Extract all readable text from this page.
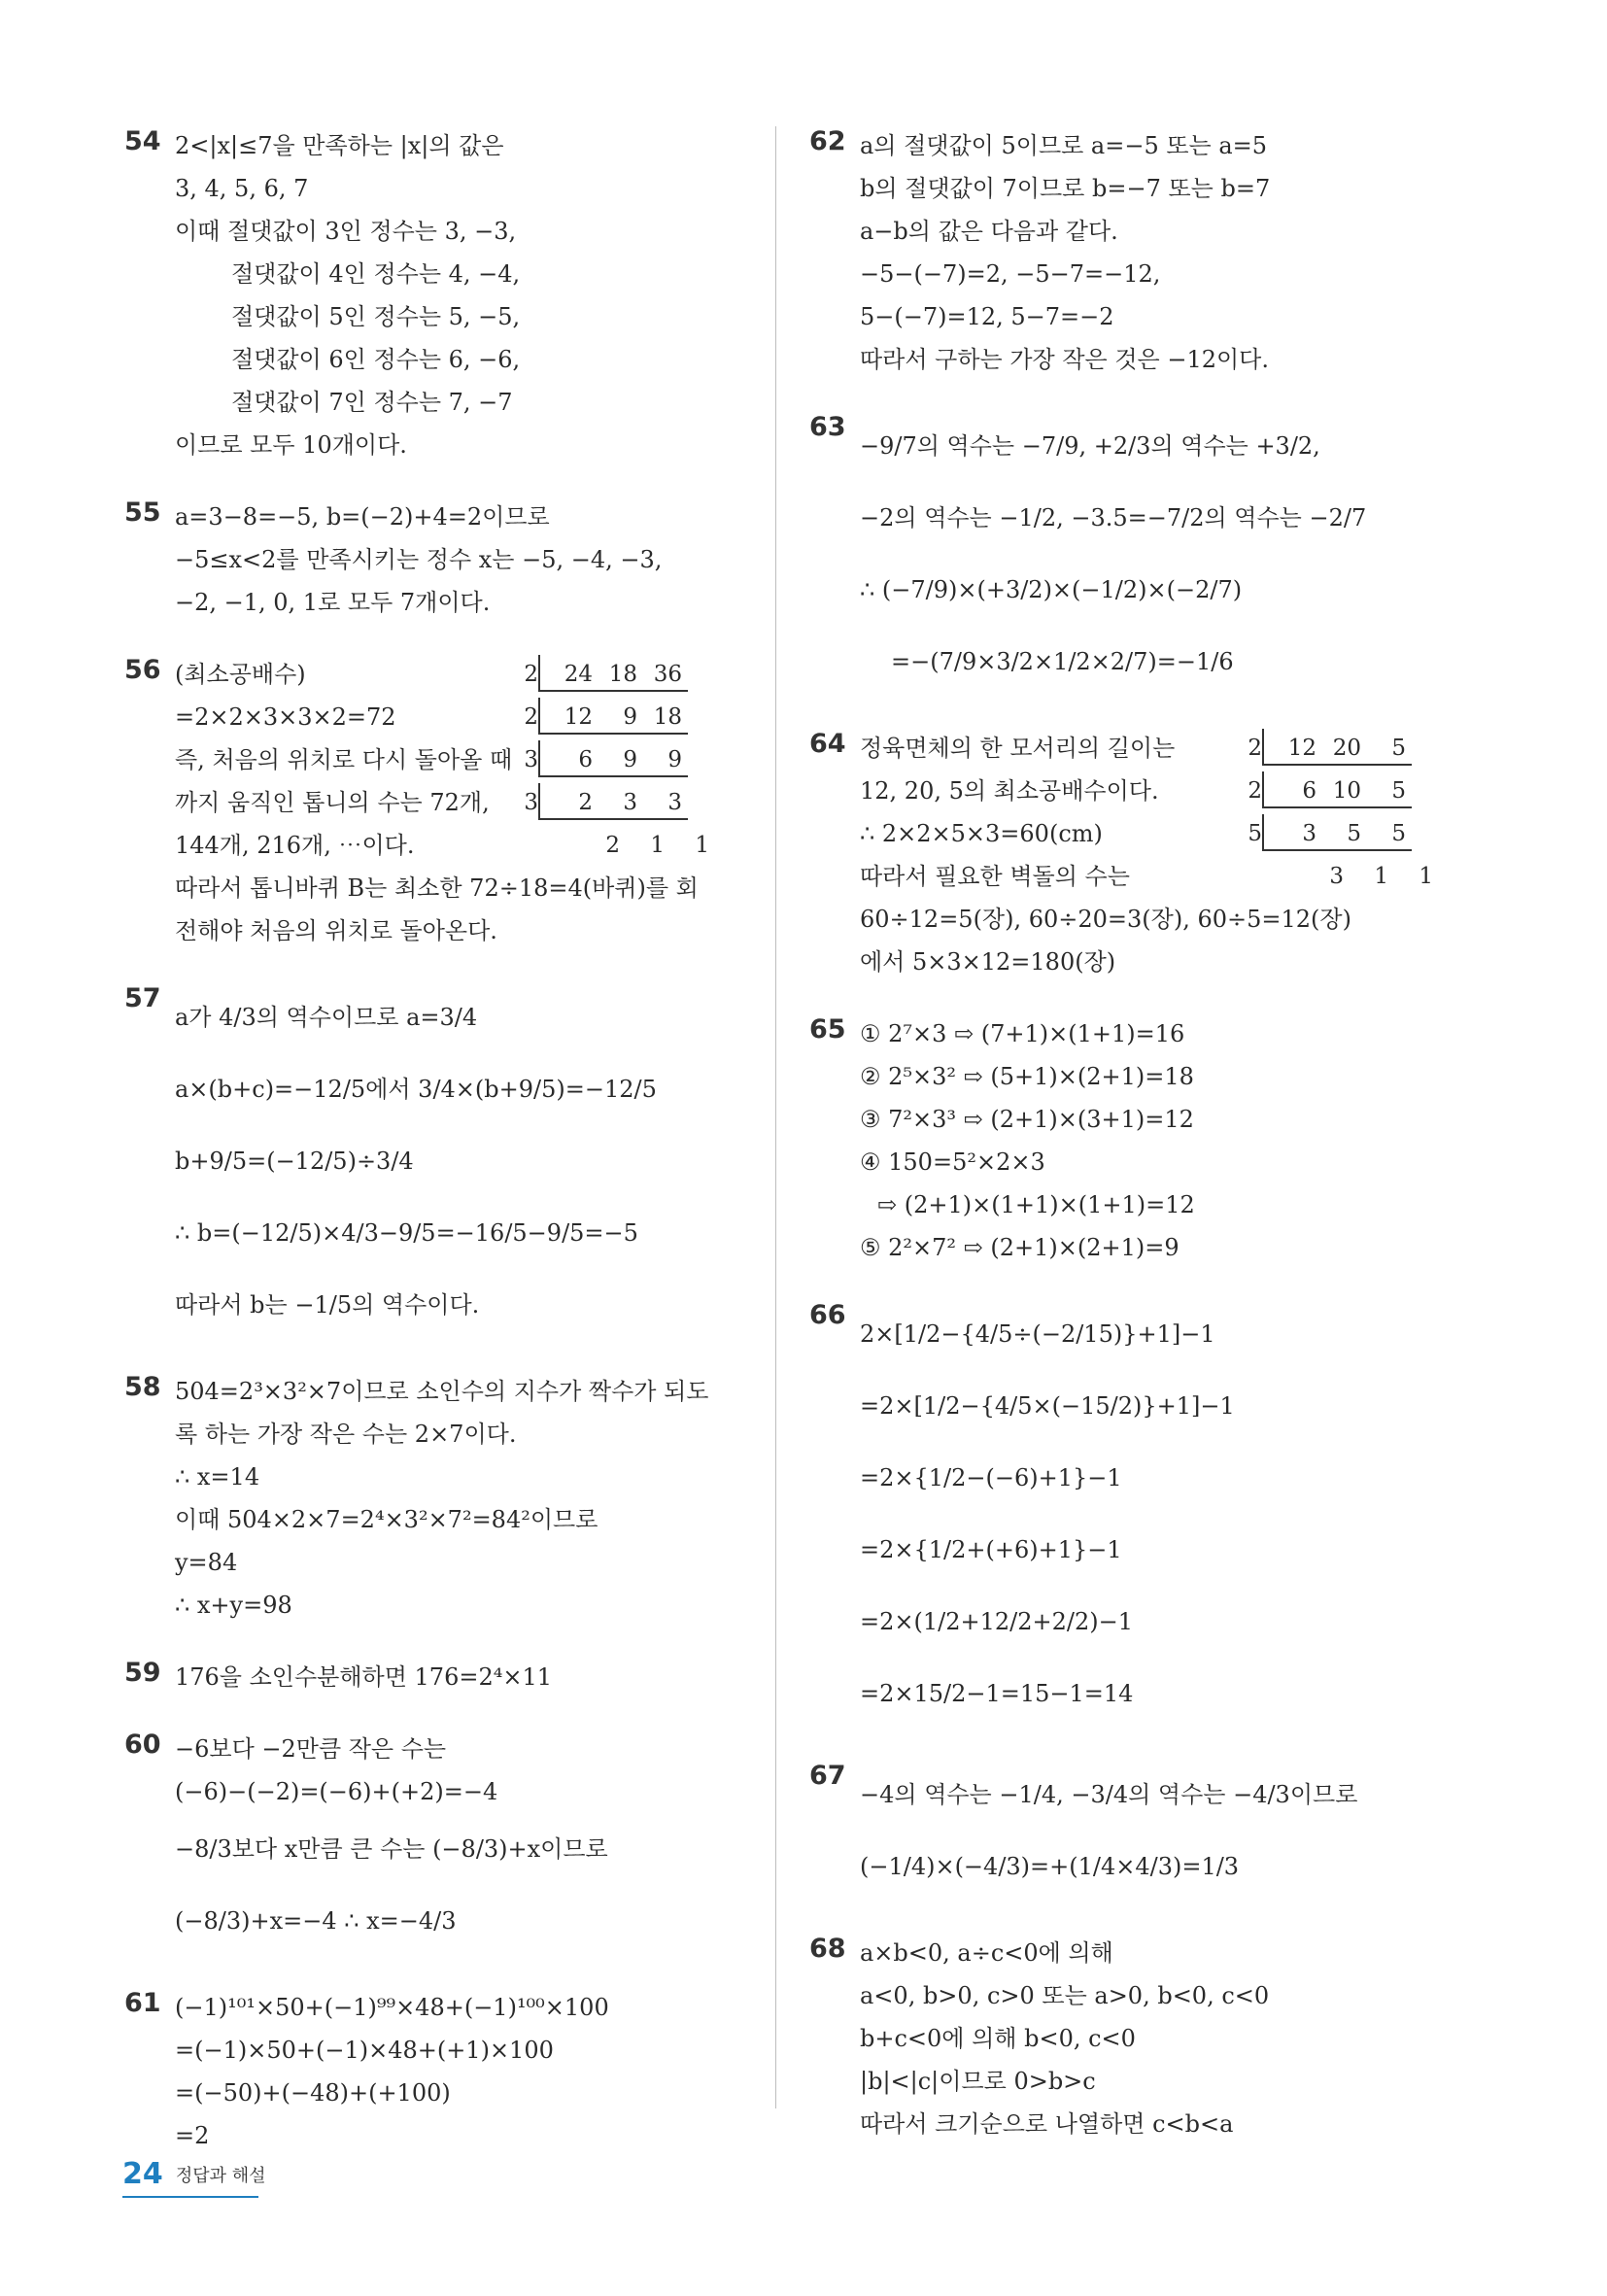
54 2<|x|≤7을 만족하는 |x|의 값은
3, 4, 5, 6, 7
이때 절댓값이 3인 정수는 3, −3,
절댓값이 4인 정수는 4, −4,
절댓값이 5인 정수는 5, −5,
절댓값이 6인 정수는 6, −6,
절댓값이 7인 정수는 7, −7
이므로 모두 10개이다.
55 a=3−8=−5, b=(−2)+4=2이므로
−5≤x<2를 만족시키는 정수 x는 −5, −4, −3,
−2, −1, 0, 1로 모두 7개이다.
56 (최소공배수)
=2×2×3×3×2=72
즉, 처음의 위치로 다시 돌아올 때
까지 움직인 톱니의 수는 72개,
144개, 216개, ⋯이다.
따라서 톱니바퀴 B는 최소한 72÷18=4(바퀴)를 회
전해야 처음의 위치로 돌아온다.
2 24 18 36
2 12 9 18
3 6 9 9
3 2 3 3
2 1 1
57
a가 4/3의 역수이므로 a=3/4
a×(b+c)=−12/5에서 3/4×(b+9/5)=−12/5
b+9/5=(−12/5)÷3/4
∴ b=(−12/5)×4/3−9/5=−16/5−9/5=−5
따라서 b는 −1/5의 역수이다.
58 504=2³×3²×7이므로 소인수의 지수가 짝수가 되도
록 하는 가장 작은 수는 2×7이다.
∴ x=14
이때 504×2×7=2⁴×3²×7²=84²이므로
y=84
∴ x+y=98
59 176을 소인수분해하면 176=2⁴×11
60 −6보다 −2만큼 작은 수는
(−6)−(−2)=(−6)+(+2)=−4
−8/3보다 x만큼 큰 수는 (−8/3)+x이므로
(−8/3)+x=−4 ∴ x=−4/3
61 (−1)¹⁰¹×50+(−1)⁹⁹×48+(−1)¹⁰⁰×100
=(−1)×50+(−1)×48+(+1)×100
=(−50)+(−48)+(+100)
=2
62 a의 절댓값이 5이므로 a=−5 또는 a=5
b의 절댓값이 7이므로 b=−7 또는 b=7
a−b의 값은 다음과 같다.
−5−(−7)=2, −5−7=−12,
5−(−7)=12, 5−7=−2
따라서 구하는 가장 작은 것은 −12이다.
63
−9/7의 역수는 −7/9, +2/3의 역수는 +3/2,
−2의 역수는 −1/2, −3.5=−7/2의 역수는 −2/7
∴ (−7/9)×(+3/2)×(−1/2)×(−2/7)
=−(7/9×3/2×1/2×2/7)=−1/6
64 정육면체의 한 모서리의 길이는
12, 20, 5의 최소공배수이다.
∴ 2×2×5×3=60(cm)
따라서 필요한 벽돌의 수는
60÷12=5(장), 60÷20=3(장), 60÷5=12(장)
에서 5×3×12=180(장)
2 12 20 5
2 6 10 5
5 3 5 5
3 1 1
65 ① 2⁷×3 ⇨ (7+1)×(1+1)=16
② 2⁵×3² ⇨ (5+1)×(2+1)=18
③ 7²×3³ ⇨ (2+1)×(3+1)=12
④ 150=5²×2×3
⇨ (2+1)×(1+1)×(1+1)=12
⑤ 2²×7² ⇨ (2+1)×(2+1)=9
66
2×[1/2−{4/5÷(−2/15)}+1]−1
=2×[1/2−{4/5×(−15/2)}+1]−1
=2×{1/2−(−6)+1}−1
=2×{1/2+(+6)+1}−1
=2×(1/2+12/2+2/2)−1
=2×15/2−1=15−1=14
67
−4의 역수는 −1/4, −3/4의 역수는 −4/3이므로
(−1/4)×(−4/3)=+(1/4×4/3)=1/3
68 a×b<0, a÷c<0에 의해
a<0, b>0, c>0 또는 a>0, b<0, c<0
b+c<0에 의해 b<0, c<0
|b|<|c|이므로 0>b>c
따라서 크기순으로 나열하면 c<b<a
24 정답과 해설
